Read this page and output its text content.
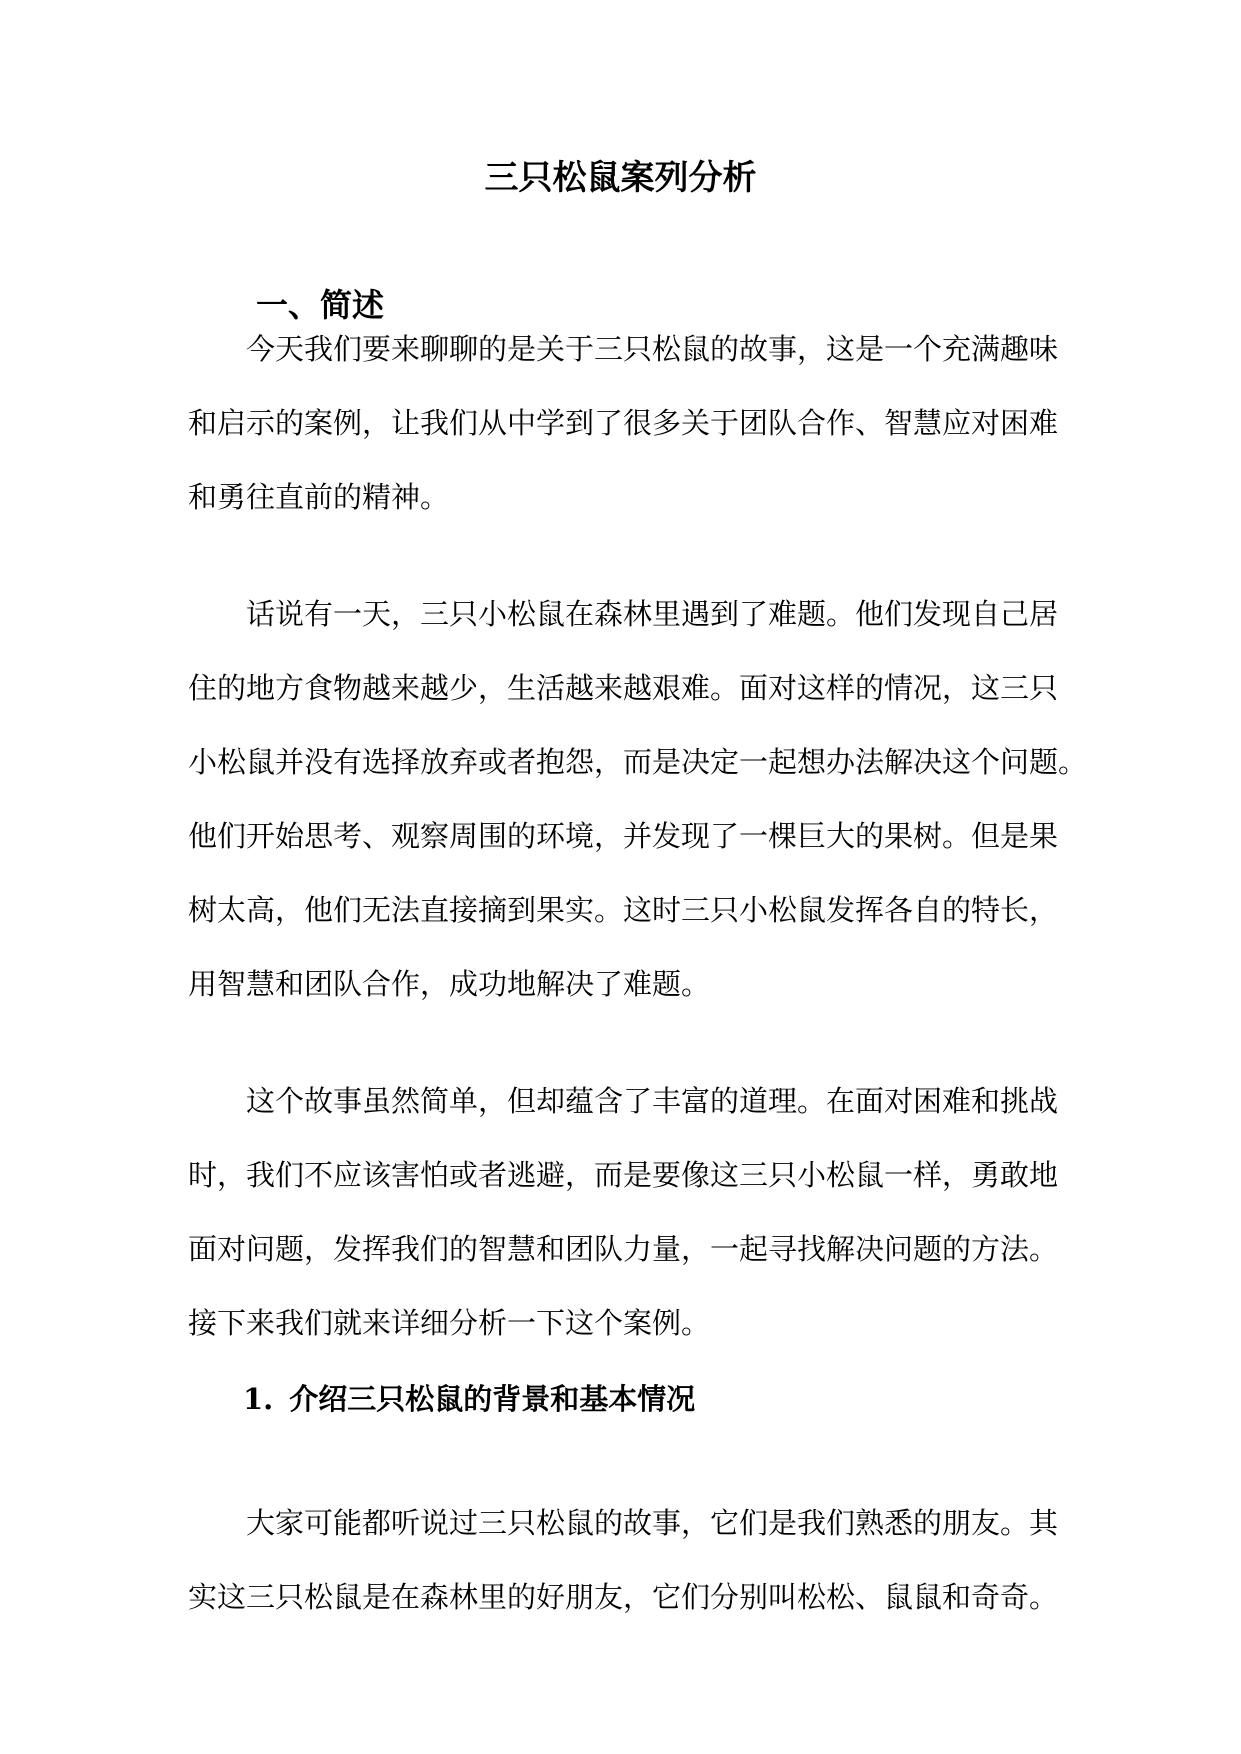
三只松鼠案列分析
一、简述
今天我们要来聊聊的是关于三只松鼠的故事，这是一个充满趣味
和启示的案例，让我们从中学到了很多关于团队合作、智慧应对困难
和勇往直前的精神。
话说有一天，三只小松鼠在森林里遇到了难题。他们发现自己居
住的地方食物越来越少，生活越来越艰难。面对这样的情况，这三只
小松鼠并没有选择放弃或者抱怨，而是决定一起想办法解决这个问题。
他们开始思考、观察周围的环境，并发现了一棵巨大的果树。但是果
树太高，他们无法直接摘到果实。这时三只小松鼠发挥各自的特长，
用智慧和团队合作，成功地解决了难题。
这个故事虽然简单，但却蕴含了丰富的道理。在面对困难和挑战
时，我们不应该害怕或者逃避，而是要像这三只小松鼠一样，勇敢地
面对问题，发挥我们的智慧和团队力量，一起寻找解决问题的方法。
接下来我们就来详细分析一下这个案例。
1. 介绍三只松鼠的背景和基本情况
大家可能都听说过三只松鼠的故事，它们是我们熟悉的朋友。其
实这三只松鼠是在森林里的好朋友，它们分别叫松松、鼠鼠和奇奇。
